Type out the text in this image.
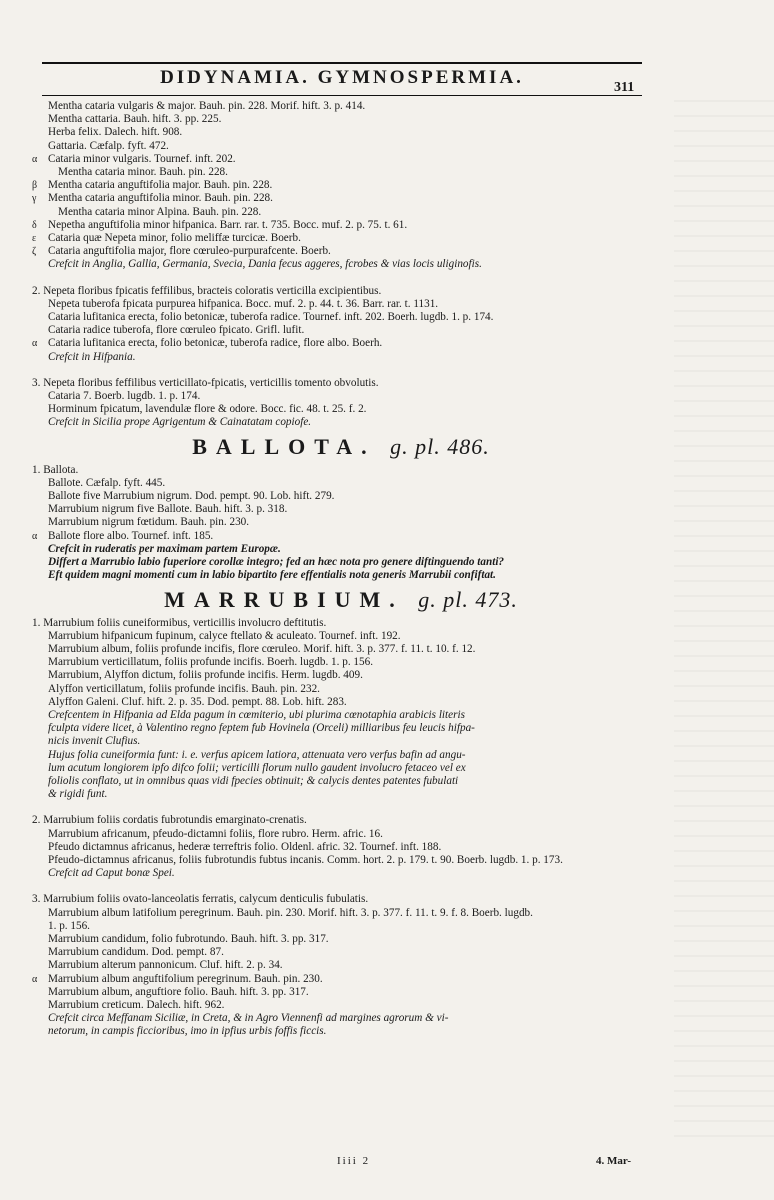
DIDYNAMIA. GYMNOSPERMIA.	311
Mentha cataria vulgaris & major. Bauh. pin. 228. Morif. hift. 3. p. 414.
Mentha cattaria. Bauh. hift. 3. pp. 225.
Herba felix. Dalech. hift. 908.
Gattaria. Cæfalp. fyft. 472.
α Cataria minor vulgaris. Tournef. inft. 202.
Mentha cataria minor. Bauh. pin. 228.
β Mentha cataria anguftifolia major. Bauh. pin. 228.
γ Mentha cataria anguftifolia minor. Bauh. pin. 228.
Mentha cataria minor Alpina. Bauh. pin. 228.
δ Nepetha anguftifolia minor hifpanica. Barr. rar. t. 735. Bocc. muf. 2. p. 75. t. 61.
ε Cataria quæ Nepeta minor, folio meliffæ turcicæ. Boerb.
ζ Cataria anguftifolia major, flore cœruleo-purpurafcente. Boerb.
Crefcit in Anglia, Gallia, Germania, Svecia, Dania fecus aggeres, fcrobes & vias locis uliginofis.
2. Nepeta floribus fpicatis feffilibus, bracteis coloratis verticilla excipientibus.
Nepeta tuberofa fpicata purpurea hifpanica. Bocc. muf. 2. p. 44. t. 36. Barr. rar. t. 1131.
Cataria lufitanica erecta, folio betonicæ, tuberofa radice. Tournef. inft. 202. Boerh. lugdb. 1. p. 174.
Cataria radice tuberofa, flore cœruleo fpicato. Grifl. lufit.
α Cataria lufitanica erecta, folio betonicæ, tuberofa radice, flore albo. Boerh.
Crefcit in Hifpania.
3. Nepeta floribus feffilibus verticillato-fpicatis, verticillis tomento obvolutis.
Cataria 7. Boerb. lugdb. 1. p. 174.
Horminum fpicatum, lavendulæ flore & odore. Bocc. fic. 48. t. 25. f. 2.
Crefcit in Sicilia prope Agrigentum & Cainatatam copiofe.
BALLOTA. g. pl. 486.
1. Ballota.
Ballote. Cæfalp. fyft. 445.
Ballote five Marrubium nigrum. Dod. pempt. 90. Lob. hift. 279.
Marrubium nigrum five Ballote. Bauh. hift. 3. p. 318.
Marrubium nigrum fœtidum. Bauh. pin. 230.
α Ballote flore albo. Tournef. inft. 185.
Crefcit in ruderatis per maximam partem Europæ.
Differt a Marrubio labio fuperiore corollæ integro; fed an hæc nota pro genere diftinguendo tanti?
Eft quidem magni momenti cum in labio bipartito fere effentialis nota generis Marrubii confiftat.
MARRUBIUM. g. pl. 473.
1. Marrubium foliis cuneiformibus, verticillis involucro deftitutis.
Marrubium hifpanicum fupinum, calyce ftellato & aculeato. Tournef. inft. 192.
Marrubium album, foliis profunde incifis, flore cœruleo. Morif. hift. 3. p. 377. f. 11. t. 10. f. 12.
Marrubium verticillatum, foliis profunde incifis. Boerh. lugdb. 1. p. 156.
Marrubium, Alyffon dictum, foliis profunde incifis. Herm. lugdb. 409.
Alyffon verticillatum, foliis profunde incifis. Bauh. pin. 232.
Alyffon Galeni. Cluf. hift. 2. p. 35. Dod. pempt. 88. Lob. hift. 283.
Crefcentem in Hifpania ad Elda pagum in cœmiterio, ubi plurima cœnotaphia arabicis literis
fculpta videre licet, à Valentino regno feptem fub Hovinela (Orceli) milliaribus feu leucis hifpa-
nicis invenit Clufius.
Hujus folia cuneiformia funt: i. e. verfus apicem latiora, attenuata vero verfus bafin ad angu-
lum acutum longiorem ipfo difco folii; verticilli florum nullo gaudent involucro fetaceo vel ex
foliolis conflato, ut in omnibus quas vidi fpecies obtinuit; & calycis dentes patentes fubulati
& rigidi funt.
2. Marrubium foliis cordatis fubrotundis emarginato-crenatis.
Marrubium africanum, pfeudo-dictamni foliis, flore rubro. Herm. afric. 16.
Pfeudo dictamnus africanus, hederæ terreftris folio. Oldenl. afric. 32. Tournef. inft. 188.
Pfeudo-dictamnus africanus, foliis fubrotundis fubtus incanis. Comm. hort. 2. p. 179. t. 90. Boerb. lugdb. 1. p. 173.
Crefcit ad Caput bonæ Spei.
3. Marrubium foliis ovato-lanceolatis ferratis, calycum denticulis fubulatis.
Marrubium album latifolium peregrinum. Bauh. pin. 230. Morif. hift. 3. p. 377. f. 11. t. 9. f. 8. Boerb. lugdb.
1. p. 156.
Marrubium candidum, folio fubrotundo. Bauh. hift. 3. pp. 317.
Marrubium candidum. Dod. pempt. 87.
Marrubium alterum pannonicum. Cluf. hift. 2. p. 34.
α Marrubium album anguftifolium peregrinum. Bauh. pin. 230.
Marrubium album, anguftiore folio. Bauh. hift. 3. pp. 317.
Marrubium creticum. Dalech. hift. 962.
Crefcit circa Meffanam Siciliæ, in Creta, & in Agro Viennenfi ad margines agrorum & vi-
netorum, in campis ficcioribus, imo in ipfius urbis foffis ficcis.
Iiii 2	4. Mar-
